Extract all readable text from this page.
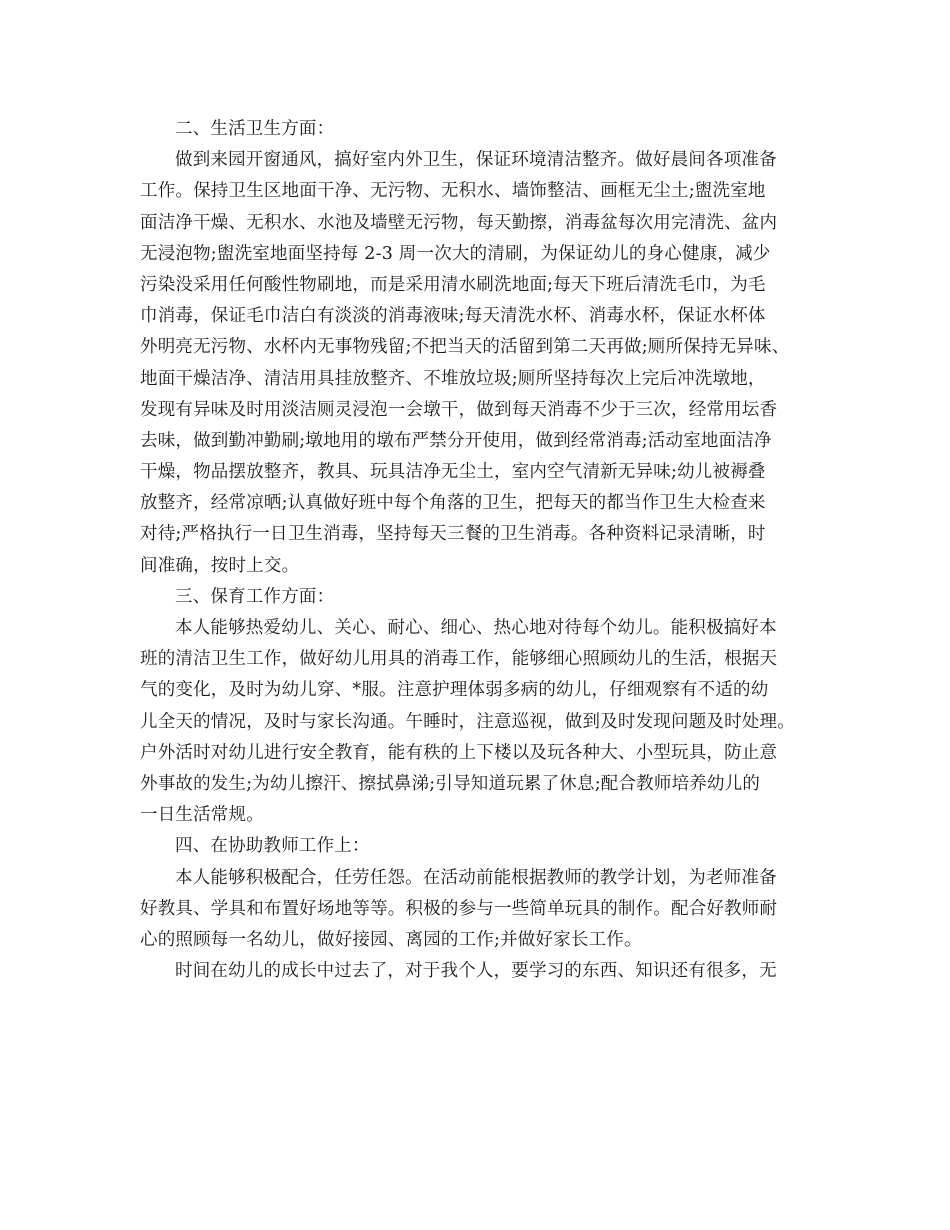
二、生活卫生方面：
做到来园开窗通风，搞好室内外卫生，保证环境清洁整齐。做好晨间各项准备
工作。保持卫生区地面干净、无污物、无积水、墙饰整洁、画框无尘土;盥洗室地
面洁净干燥、无积水、水池及墙壁无污物，每天勤擦，消毒盆每次用完清洗、盆内
无浸泡物;盥洗室地面坚持每 2-3 周一次大的清刷，为保证幼儿的身心健康，减少
污染没采用任何酸性物刷地，而是采用清水刷洗地面;每天下班后清洗毛巾，为毛
巾消毒，保证毛巾洁白有淡淡的消毒液味;每天清洗水杯、消毒水杯，保证水杯体
外明亮无污物、水杯内无事物残留;不把当天的活留到第二天再做;厕所保持无异味、
地面干燥洁净、清洁用具挂放整齐、不堆放垃圾;厕所坚持每次上完后冲洗墩地，
发现有异味及时用淡洁厕灵浸泡一会墩干，做到每天消毒不少于三次，经常用坛香
去味，做到勤冲勤刷;墩地用的墩布严禁分开使用，做到经常消毒;活动室地面洁净
干燥，物品摆放整齐，教具、玩具洁净无尘土，室内空气清新无异味;幼儿被褥叠
放整齐，经常凉晒;认真做好班中每个角落的卫生，把每天的都当作卫生大检查来
对待;严格执行一日卫生消毒，坚持每天三餐的卫生消毒。各种资料记录清晰，时
间准确，按时上交。
三、保育工作方面：
本人能够热爱幼儿、关心、耐心、细心、热心地对待每个幼儿。能积极搞好本
班的清洁卫生工作，做好幼儿用具的消毒工作，能够细心照顾幼儿的生活，根据天
气的变化，及时为幼儿穿、*服。注意护理体弱多病的幼儿，仔细观察有不适的幼
儿全天的情况，及时与家长沟通。午睡时，注意巡视，做到及时发现问题及时处理。
户外活时对幼儿进行安全教育，能有秩的上下楼以及玩各种大、小型玩具，防止意
外事故的发生;为幼儿擦汗、擦拭鼻涕;引导知道玩累了休息;配合教师培养幼儿的
一日生活常规。
四、在协助教师工作上：
本人能够积极配合，任劳任怨。在活动前能根据教师的教学计划，为老师准备
好教具、学具和布置好场地等等。积极的参与一些简单玩具的制作。配合好教师耐
心的照顾每一名幼儿，做好接园、离园的工作;并做好家长工作。
时间在幼儿的成长中过去了，对于我个人，要学习的东西、知识还有很多，无
